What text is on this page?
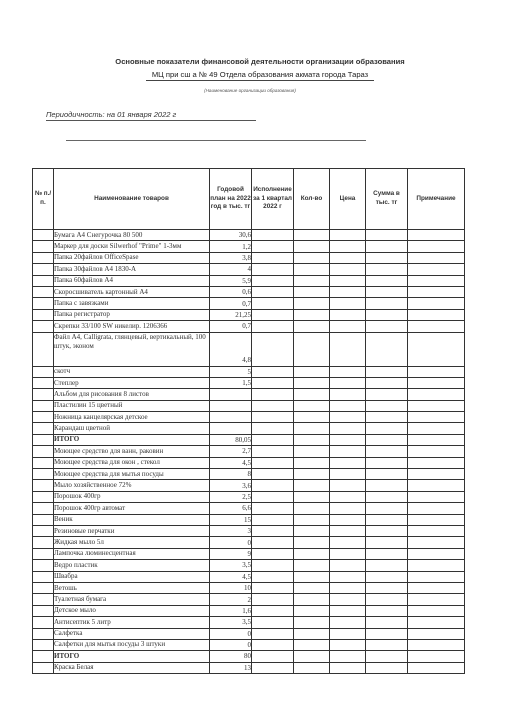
Основные показатели финансовой деятельности организации образования
МЦ при сш а № 49 Отдела образования акмата города Тараз
(Наименование организации образования)
Периодичность: на 01 января 2022 г
№ п./п.	Наименование товаров	Годовой план на 2022 год в тыс. тг	Исполнение за 1 квартал 2022 г	Кол-во	Цена	Сумма в тыс. тг	Примечание
	Бумага А4 Снегурочка 80 500	30,6					
	Маркер для доски Silwerhof "Prime" 1-3мм	1,2					
	Папка 20файлов OfficeSpase	3,8					
	Папка 30файлов А4 1830-А	4					
	Папка 60файлов А4	5,9					
	Скоросшиватель картонный А4	0,6					
	Папка с завязками	0,7					
	Папка регистратор	21,25					
	Скрепки 33/100 SW никелир. 1206366	0,7					
	Файл А4, Calligrata, глянцевый, вертикальный, 100 штук, эконом	4,8					
	скотч	5					
	Степлер	1,5					
	Альбом для рисования 8 листов						
	Пластилин 15 цветный						
	Ножница канцелярская детское						
	Карандаш цветной						
	ИТОГО	80,05					
	Моющее средство для ванн, раковин	2,7					
	Моющее средства для окон , стекол	4,5					
	Моющее средства для мытья посуды	8					
	Мыло хозяйственное 72%	3,6					
	Порошок 400гр	2,5					
	Порошок 400гр автомат	6,6					
	Веник	15					
	Резиновые перчатки	3					
	Жидкая мыло 5л	0					
	Лампочка люминесцентная	9					
	Ведро пластик	3,5					
	Швабра	4,5					
	Ветошь	10					
	Туалетная бумага	2					
	Детское мыло	1,6					
	Антисептик 5 литр	3,5					
	Салфетка	0					
	Салфетки для мытья посуды 3 штуки	0					
	ИТОГО	80					
	Краска Белая	13					
